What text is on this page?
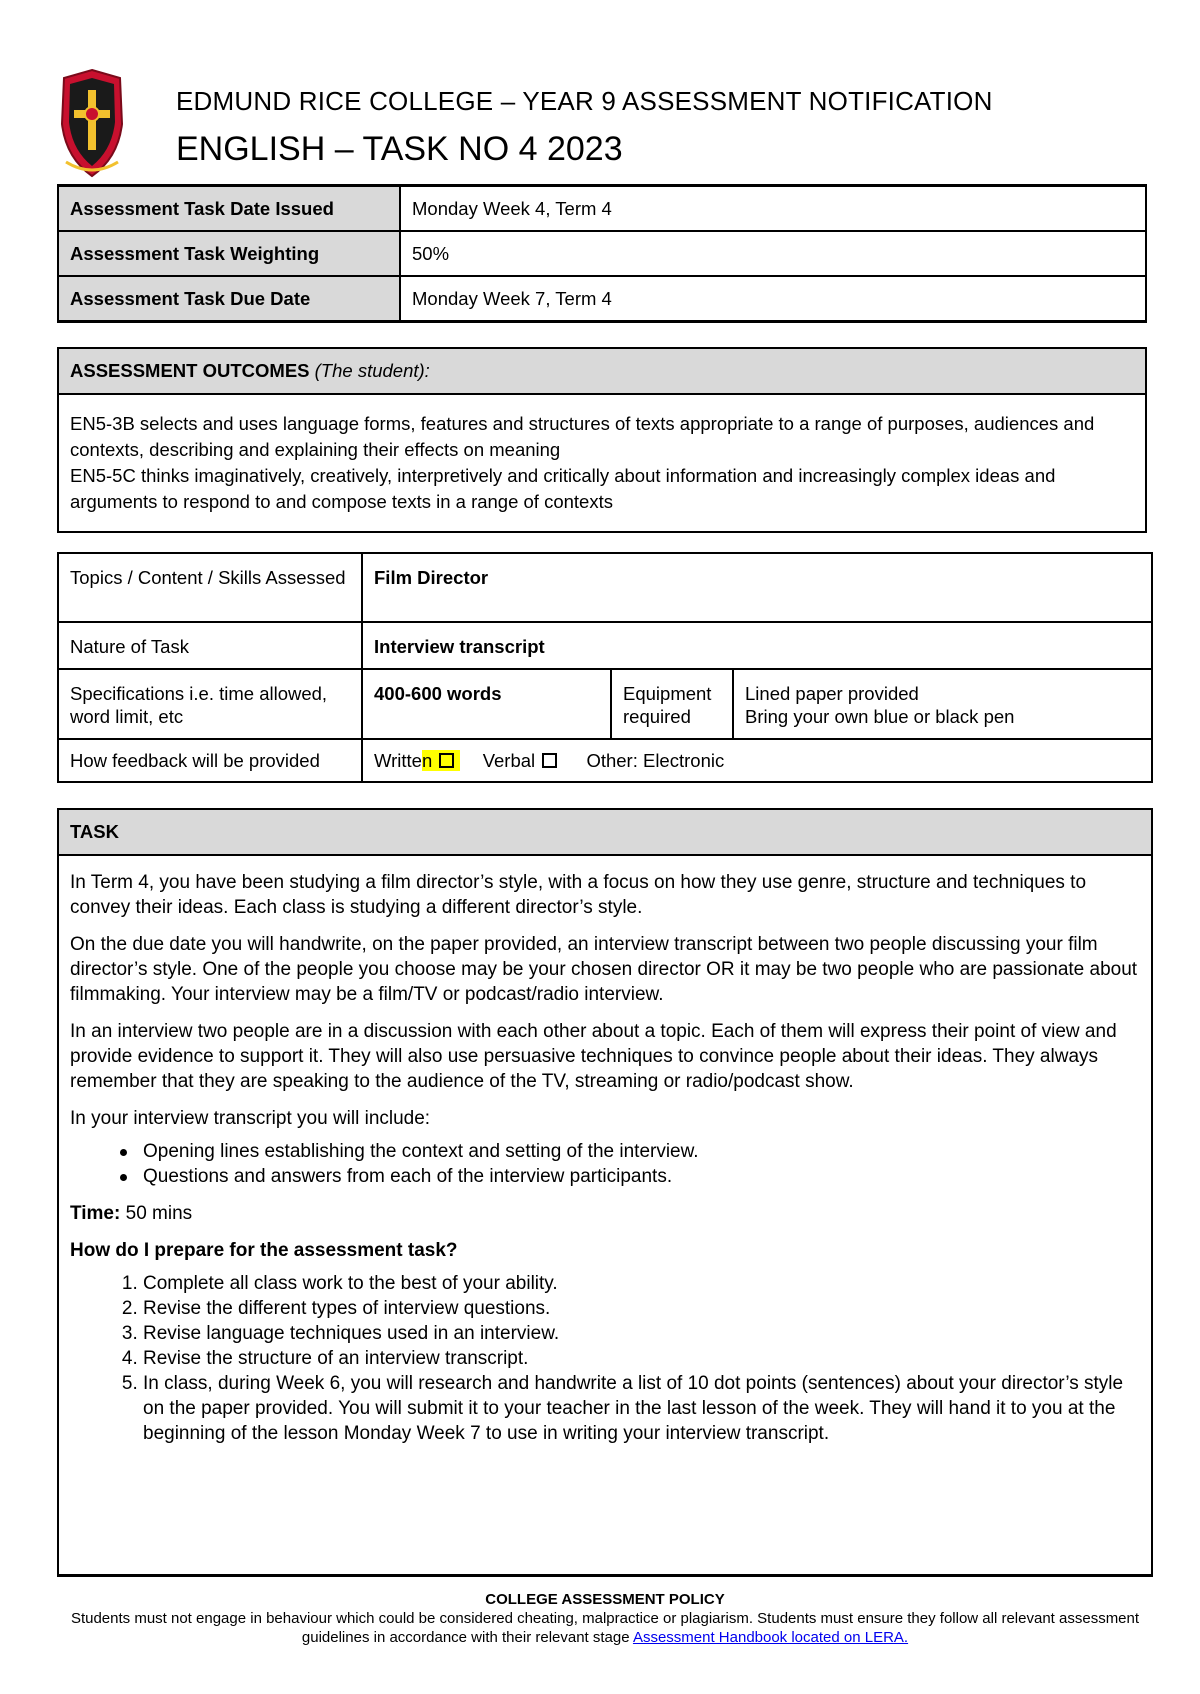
EDMUND RICE COLLEGE – YEAR 9 ASSESSMENT NOTIFICATION
ENGLISH – TASK NO 4 2023
Assessment Task Date Issued	Monday Week 4, Term 4
Assessment Task Weighting	50%
Assessment Task Due Date	Monday Week 7, Term 4
ASSESSMENT OUTCOMES (The student):

EN5-3B selects and uses language forms, features and structures of texts appropriate to a range of purposes, audiences and contexts, describing and explaining their effects on meaning
EN5-5C thinks imaginatively, creatively, interpretively and critically about information and increasingly complex ideas and arguments to respond to and compose texts in a range of contexts
Topics / Content / Skills Assessed	Film Director		
Nature of Task	Interview transcript		
Specifications i.e. time allowed, word limit, etc	400-600 words	Equipment required	Lined paper provided
Bring your own blue or black pen

How feedback will be provided	Written Verbal Other: Electronic		
TASK

In Term 4, you have been studying a film director’s style, with a focus on how they use genre, structure and techniques to convey their ideas. Each class is studying a different director’s style.

On the due date you will handwrite, on the paper provided, an interview transcript between two people discussing your film director’s style. One of the people you choose may be your chosen director OR it may be two people who are passionate about filmmaking. Your interview may be a film/TV or podcast/radio interview.

In an interview two people are in a discussion with each other about a topic. Each of them will express their point of view and provide evidence to support it. They will also use persuasive techniques to convince people about their ideas. They always remember that they are speaking to the audience of the TV, streaming or radio/podcast show.

In your interview transcript you will include:

Opening lines establishing the context and setting of the interview.
Questions and answers from each of the interview participants.

Time: 50 mins

How do I prepare for the assessment task?

1. Complete all class work to the best of your ability.
2. Revise the different types of interview questions.
3. Revise language techniques used in an interview.
4. Revise the structure of an interview transcript.
5. In class, during Week 6, you will research and handwrite a list of 10 dot points (sentences) about your director’s style on the paper provided. You will submit it to your teacher in the last lesson of the week. They will hand it to you at the beginning of the lesson Monday Week 7 to use in writing your interview transcript.
COLLEGE ASSESSMENT POLICY
Students must not engage in behaviour which could be considered cheating, malpractice or plagiarism. Students must ensure they follow all relevant assessment guidelines in accordance with their relevant stage Assessment Handbook located on LERA.
